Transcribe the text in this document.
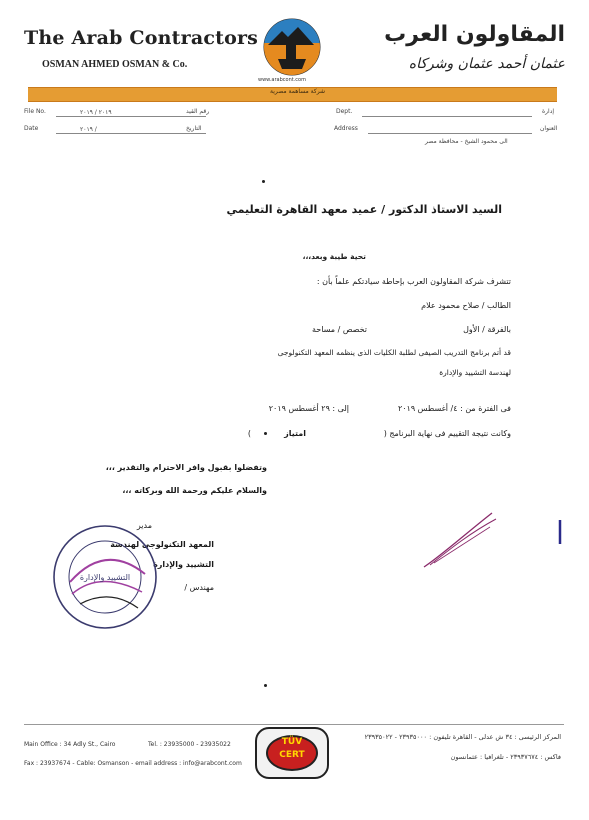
The Arab Contractors
OSMAN AHMED OSMAN & Co.
المقاولون العرب
عثمان أحمد عثمان وشركاه
www.arabcont.com
شركة مساهمة مصرية
File No.	٢٠١٩ / ٢٠١٩	رقم القيد
Date	٢٠١٩ /	التاريخ
Dept.	إدارة
Address	العنوان
الى محمود الشيخ - محافظة مصر
السيد الاستاذ الدكتور / عميد معهد القاهرة التعليمي
تحية طيبة وبعد،،،
تتشرف شركة المقاولون العرب بإحاطة سيادتكم علماً بأن :
الطالب / صلاح محمود علام
بالفرقة / الأول
تخصص / مساحة
قد أتم برنامج التدريب الصيفى لطلبة الكليات الذى ينظمه المعهد التكنولوجى
لهندسة التشييد والإدارة
فى الفترة من : ٤/ أغسطس ٢٠١٩
إلى : ٢٩ أغسطس ٢٠١٩
وكانت نتيجة التقييم فى نهاية البرنامج (
امتياز
)
وتفضلوا بقبول وافر الاحترام والتقدير ،،،
والسلام عليكم ورحمة الله وبركاته ،،،
مدير
المعهد التكنولوجى لهندسة
التشييد والإدارة
مهندس /
التشييد والإدارة
Main Office : 34 Adly St., Cairo	Tel. : 23935000 - 23935022
Fax : 23937674 - Cable: Osmanson - email address : info@arabcont.com
المركز الرئيسى : ٣٤ ش عدلى - القاهرة تليفون : ٢٣٩٣٥٠٠٠ - ٢٣٩٣٥٠٢٢
فاكس : ٢٣٩٣٧٦٧٤ - تلغرافيا : عثمانسون
TÜV
CERT
